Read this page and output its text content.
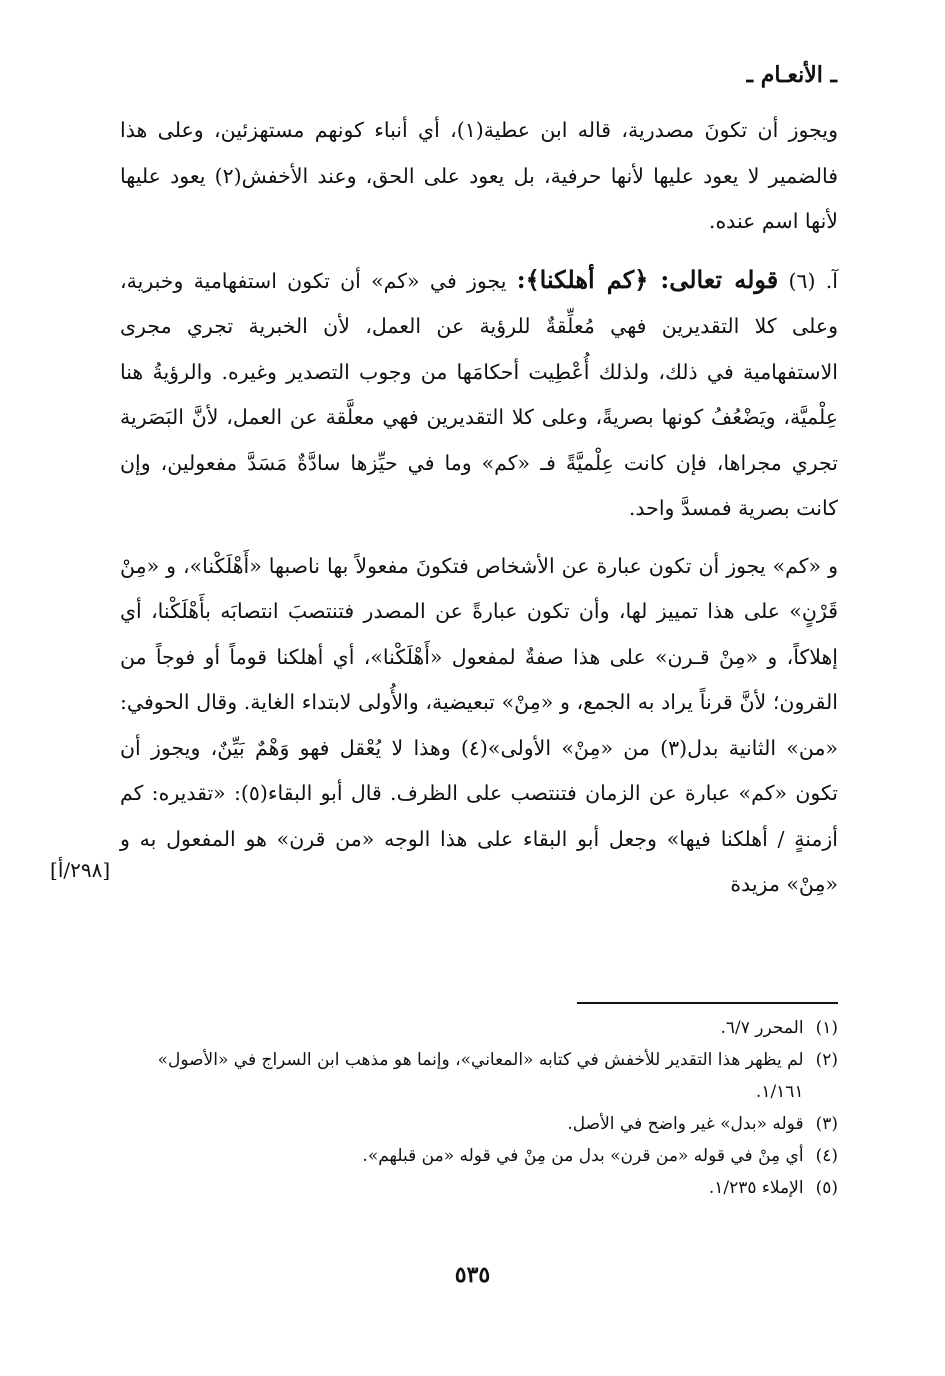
ـ الأنعـام ـ

ويجوز أن تكونَ مصدرية، قاله ابن عطية(١)، أي أنباء كونهم مستهزئين، وعلى هذا فالضمير لا يعود عليها لأنها حرفية، بل يعود على الحق، وعند الأخفش(٢) يعود عليها لأنها اسم عنده.

آ. (٦) قوله تعالى: ﴿كم أهلكنا﴾: يجوز في «كم» أن تكون استفهامية وخبرية، وعلى كلا التقديرين فهي مُعلِّقةٌ للرؤية عن العمل، لأن الخبرية تجري مجرى الاستفهامية في ذلك، ولذلك أُعْطِيت أحكامَها من وجوب التصدير وغيره. والرؤيةُ هنا عِلْميَّة، ويَضْعُفُ كونها بصريةً، وعلى كلا التقديرين فهي معلَّقة عن العمل، لأنَّ البَصَرية تجري مجراها، فإن كانت عِلْميَّةً فـ «كم» وما في حيِّزها سادَّةٌ مَسَدَّ مفعولين، وإن كانت بصرية فمسدَّ واحد.

و «كم» يجوز أن تكون عبارة عن الأشخاص فتكونَ مفعولاً بها ناصبها «أَهْلَكْنا»، و «مِنْ قَرْنٍ» على هذا تمييز لها، وأن تكون عبارةً عن المصدر فتنتصبَ انتصابَه بأَهْلَكْنا، أي إهلاكاً، و «مِنْ قـرن» على هذا صفةٌ لمفعول «أَهْلَكْنا»، أي أهلكنا قوماً أو فوجاً من القرون؛ لأنَّ قرناً يراد به الجمع، و «مِنْ» تبعيضية، والأُولى لابتداء الغاية. وقال الحوفي: «من» الثانية بدل(٣) من «مِنْ» الأولى»(٤) وهذا لا يُعْقل فهو وَهْمٌ بَيِّنٌ، ويجوز أن تكون «كم» عبارة عن الزمان فتنتصب على الظرف. قال أبو البقاء(٥): «تقديره: كم أزمنةٍ / أهلكنا فيها» وجعل أبو البقاء على هذا الوجه «من قرن» هو المفعول به و «مِنْ» مزيدة

[٢٩٨/أ]
(١)
المحرر ٦/٧.
(٢)
لم يظهر هذا التقدير للأخفش في كتابه «المعاني»، وإنما هو مذهب ابن السراج في «الأصول» ١/١٦١.
(٣)
قوله «بدل» غير واضح في الأصل.
(٤)
أي مِنْ في قوله «من قرن» بدل من مِنْ في قوله «من قبلهم».
(٥)
الإملاء ١/٢٣٥.
٥٣٥
